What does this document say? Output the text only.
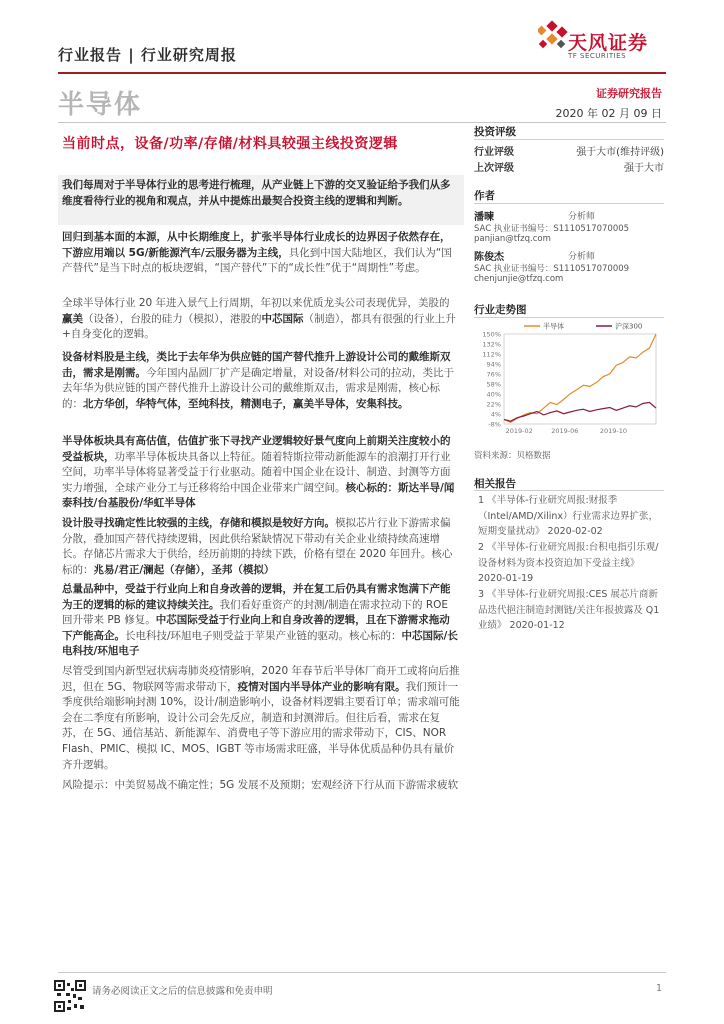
行业报告 | 行业研究周报
天风证券
TF SECURITIES
半导体	证券研究报告
2020 年 02 月 09 日
当前时点，设备/功率/存储/材料具较强主线投资逻辑
投资评级
行业评级	强于大市(维持评级)
上次评级	强于大市
作者
潘暕	分析师
SAC 执业证书编号：S1110517070005
panjian@tfzq.com
陈俊杰	分析师
SAC 执业证书编号：S1110517070009
chenjunjie@tfzq.com
行业走势图
-8%
4%
22%
40%
58%
76%
94%
112%
132%
150%
2019-02	2019-06	2019-10
半导体	沪深300
资料来源：贝格数据
相关报告
1 《半导体-行业研究周报:财报季（Intel/AMD/Xilinx）行业需求边界扩张，短期变量扰动》 2020-02-02
2 《半导体-行业研究周报:台积电指引乐观/设备材料为资本投资迫加下受益主线》 2020-01-19
3 《半导体-行业研究周报:CES 展芯片商新品迭代挹注制造封测链/关注年报披露及 Q1 业绩》 2020-01-12
我们每周对于半导体行业的思考进行梳理，从产业链上下游的交叉验证给予我们从多维度看待行业的视角和观点，并从中提炼出最契合投资主线的逻辑和判断。
回归到基本面的本源，从中长期维度上，扩张半导体行业成长的边界因子依然存在，下游应用端以 5G/新能源汽车/云服务器为主线，具化到中国大陆地区，我们认为“国产替代”是当下时点的板块逻辑，“国产替代”下的“成长性”优于“周期性”考虑。
全球半导体行业 20 年进入景气上行周期，年初以来优质龙头公司表现优异，美股的赢美（设备），台股的硅力（模拟），港股的中芯国际（制造），都具有很强的行业上升+自身变化的逻辑。
设备材料股是主线，类比于去年华为供应链的国产替代推升上游设计公司的戴维斯双击，需求是刚需。今年国内晶圆厂扩产是确定增量，对设备/材料公司的拉动，类比于去年华为供应链的国产替代推升上游设计公司的戴维斯双击，需求是刚需，核心标的：北方华创，华特气体，至纯科技，精测电子，赢美半导体，安集科技。
半导体板块具有高估值，估值扩张下寻找产业逻辑较好景气度向上前期关注度较小的受益板块，功率半导体板块具备以上特征。随着特斯拉带动新能源车的浪潮打开行业空间，功率半导体将显著受益于行业驱动。随着中国企业在设计、制造、封测等方面实力增强，全球产业分工与迁移将给中国企业带来广阔空间。核心标的：斯达半导/闻泰科技/台基股份/华虹半导体
设计股寻找确定性比较强的主线，存储和模拟是较好方向。模拟芯片行业下游需求偏分散，叠加国产替代持续逻辑，因此供给紧缺情况下带动有关企业业绩持续高速增长。存储芯片需求大于供给，经历前期的持续下跌，价格有望在 2020 年回升。核心标的：兆易/君正/澜起（存储），圣邦（模拟）
总量品种中，受益于行业向上和自身改善的逻辑，并在复工后仍具有需求饱满下产能为王的逻辑的标的建议持续关注。我们看好重资产的封测/制造在需求拉动下的 ROE 回升带来 PB 修复。中芯国际受益于行业向上和自身改善的逻辑，且在下游需求拖动下产能高企。长电科技/环旭电子则受益于苹果产业链的驱动。核心标的：中芯国际/长电科技/环旭电子
尽管受到国内新型冠状病毒肺炎疫情影响，2020 年春节后半导体厂商开工或将向后推迟，但在 5G、物联网等需求带动下，疫情对国内半导体产业的影响有限。我们预计一季度供给端影响封测 10%，设计/制造影响小，设备材料逻辑主要看订单；需求端可能会在二季度有所影响，设计公司会先反应，制造和封测滞后。但往后看，需求在复苏，在 5G、通信基站、新能源车、消费电子等下游应用的需求带动下，CIS、NOR Flash、PMIC、模拟 IC、MOS、IGBT 等市场需求旺盛，半导体优质品种仍具有量价齐升逻辑。
风险提示：中美贸易战不确定性；5G 发展不及预期；宏观经济下行从而下游需求疲软
请务必阅读正文之后的信息披露和免责申明	1
